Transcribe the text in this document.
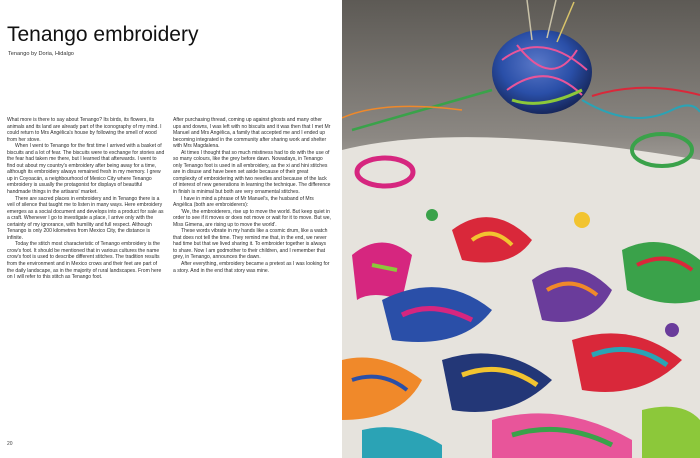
Tenango embroidery
Tenango by Doria, Hidalgo

What more is there to say about Tenango? Its birds, its flowers, its animals and its land are already part of the iconography of my mind. I could return to Mrs Angélica's house by following the smell of wood from her stove.

When I went to Tenango for the first time I arrived with a basket of biscuits and a lot of fear. The biscuits were to exchange for stories and the fear had taken me there, but I learned that afterwards. I went to find out about my country's embroidery after being away for a time, although its embroidery always remained fresh in my memory. I grew up in Coyoacán, a neighbourhood of Mexico City where Tenango embroidery is usually the protagonist for displays of beautiful handmade things in the artisans' market.

There are sacred places in embroidery and in Tenango there is a veil of silence that taught me to listen in many ways. Here embroidery emerges as a social document and develops into a product for sale as a craft. Whenever I go to investigate a place, I arrive only with the certainty of my ignorance, with humility and full respect. Although Tenango is only 200 kilometres from Mexico City, the distance is infinite.

Today the stitch most characteristic of Tenango embroidery is the crow's foot. It should be mentioned that in various cultures the name crow's foot is used to describe different stitches. The tradition results from the environment and in Mexico crows and their feet are part of the daily landscape, as in the majority of rural landscapes. From here on I will refer to this stitch as Tenango foot.

After purchasing thread, coming up against ghosts and many other ups and downs, I was left with no biscuits and it was then that I met Mr Manuel and Mrs Angélica, a family that accepted me and I ended up becoming integrated in the community after sharing work and shelter with Mrs Magdalena.

At times I thought that so much mistiness had to do with the use of so many colours, like the grey before dawn. Nowadays, in Tenango only Tenango foot is used in all embroidery, as the xi and hini stitches are in disuse and have been set aside because of their great complexity of embroidering with two needles and because of the lack of interest of new generations in learning the technique. The difference in finish is minimal but both are very ornamental stitches.

I have in mind a phrase of Mr Manuel's, the husband of Mrs Angélica (both are embroiderers):

'We, the embroiderers, rise up to move the world. But keep quiet in order to see if it moves or does not move or wait for it to move. But we, Miss Gimena, are rising up to move the world'.

These words vibrate in my hands like a cosmic drum, like a watch that does not tell the time. They remind me that, in the end, we never had time but that we lived sharing it. To embroider together is always to share. Now I am godmother to their children, and I remember that grey, in Tenango, announces the dawn.

After everything, embroidery became a pretext as I was looking for a story. And in the end that story was mine.

20
